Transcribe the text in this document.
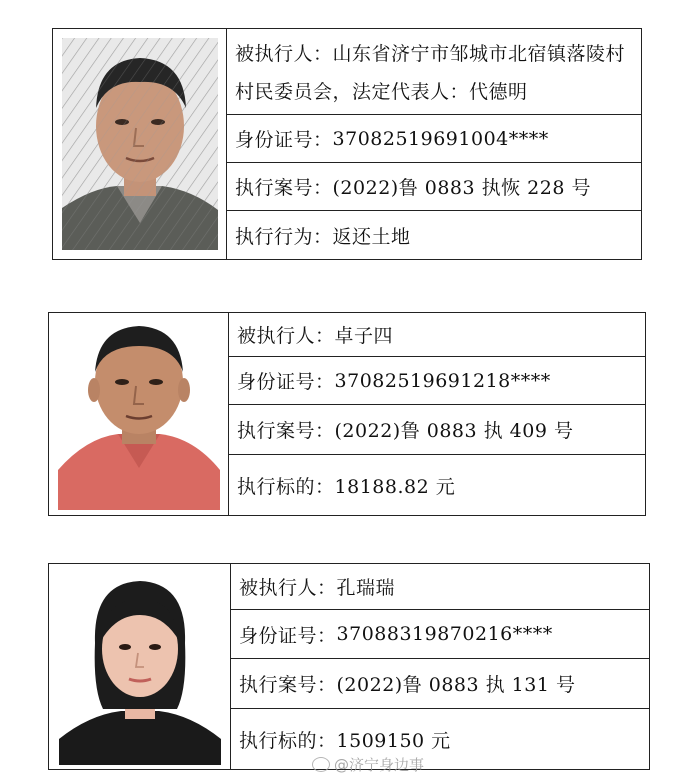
被执行人：山东省济宁市邹城市北宿镇落陵村村民委员会，法定代表人：代德明
身份证号： 37082519691004****
执行案号： (2022)鲁 0883 执恢 228 号
执行行为： 返还土地
被执行人： 卓子四
身份证号： 37082519691218****
执行案号： (2022)鲁 0883 执 409 号
执行标的： 18188.82 元
被执行人： 孔瑞瑞
身份证号： 37088319870216****
执行案号： (2022)鲁 0883 执 131 号
执行标的： 1509150 元
@济宁身边事
